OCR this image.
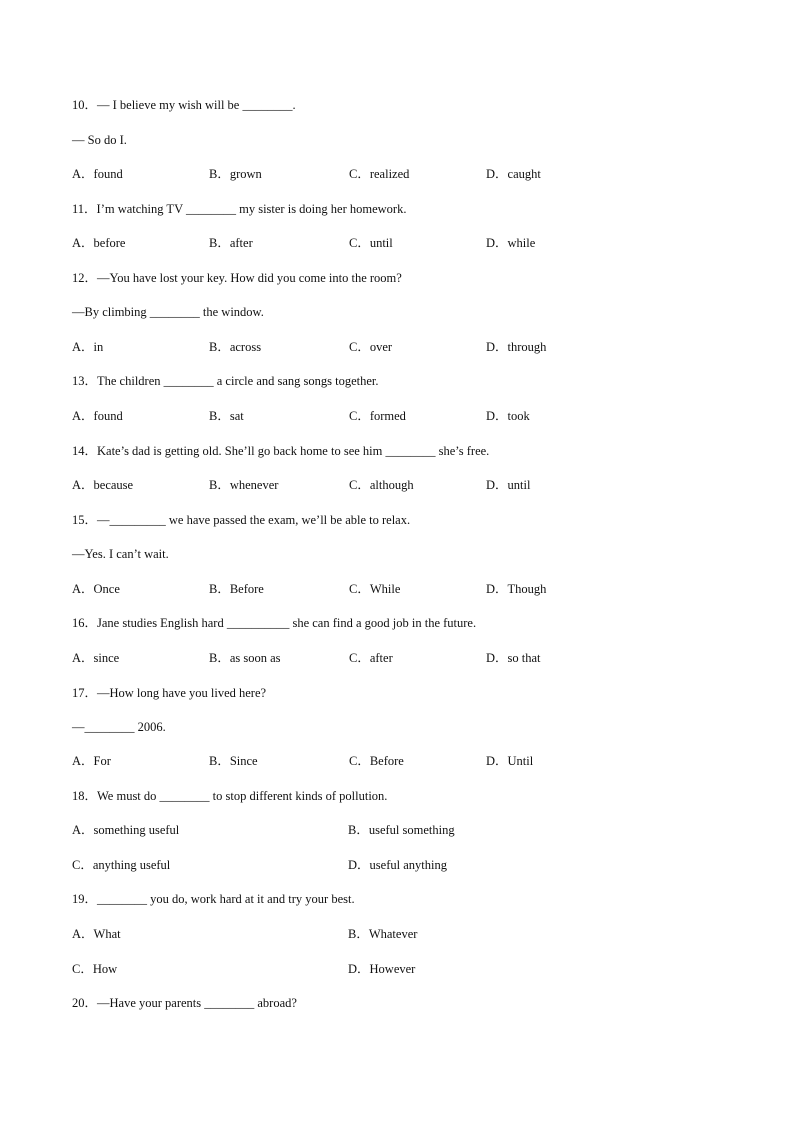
10．— I believe my wish will be ________.
— So do I.
A．found	B．grown	C．realized	D．caught
11．I’m watching TV ________ my sister is doing her homework.
A．before	B．after	C．until	D．while
12．—You have lost your key. How did you come into the room?
—By climbing ________ the window.
A．in	B．across	C．over	D．through
13．The children ________ a circle and sang songs together.
A．found	B．sat	C．formed	D．took
14．Kate’s dad is getting old. She’ll go back home to see him ________ she’s free.
A．because	B．whenever	C．although	D．until
15．—_________ we have passed the exam, we’ll be able to relax.
—Yes. I can’t wait.
A．Once	B．Before	C．While	D．Though
16．Jane studies English hard __________ she can find a good job in the future.
A．since	B．as soon as	C．after	D．so that
17．—How long have you lived here?
—________ 2006.
A．For	B．Since	C．Before	D．Until
18．We must do ________ to stop different kinds of pollution.
A．something useful	B．useful something
C．anything useful	D．useful anything
19．________ you do, work hard at it and try your best.
A．What	B．Whatever
C．How	D．However
20．—Have your parents ________ abroad?
